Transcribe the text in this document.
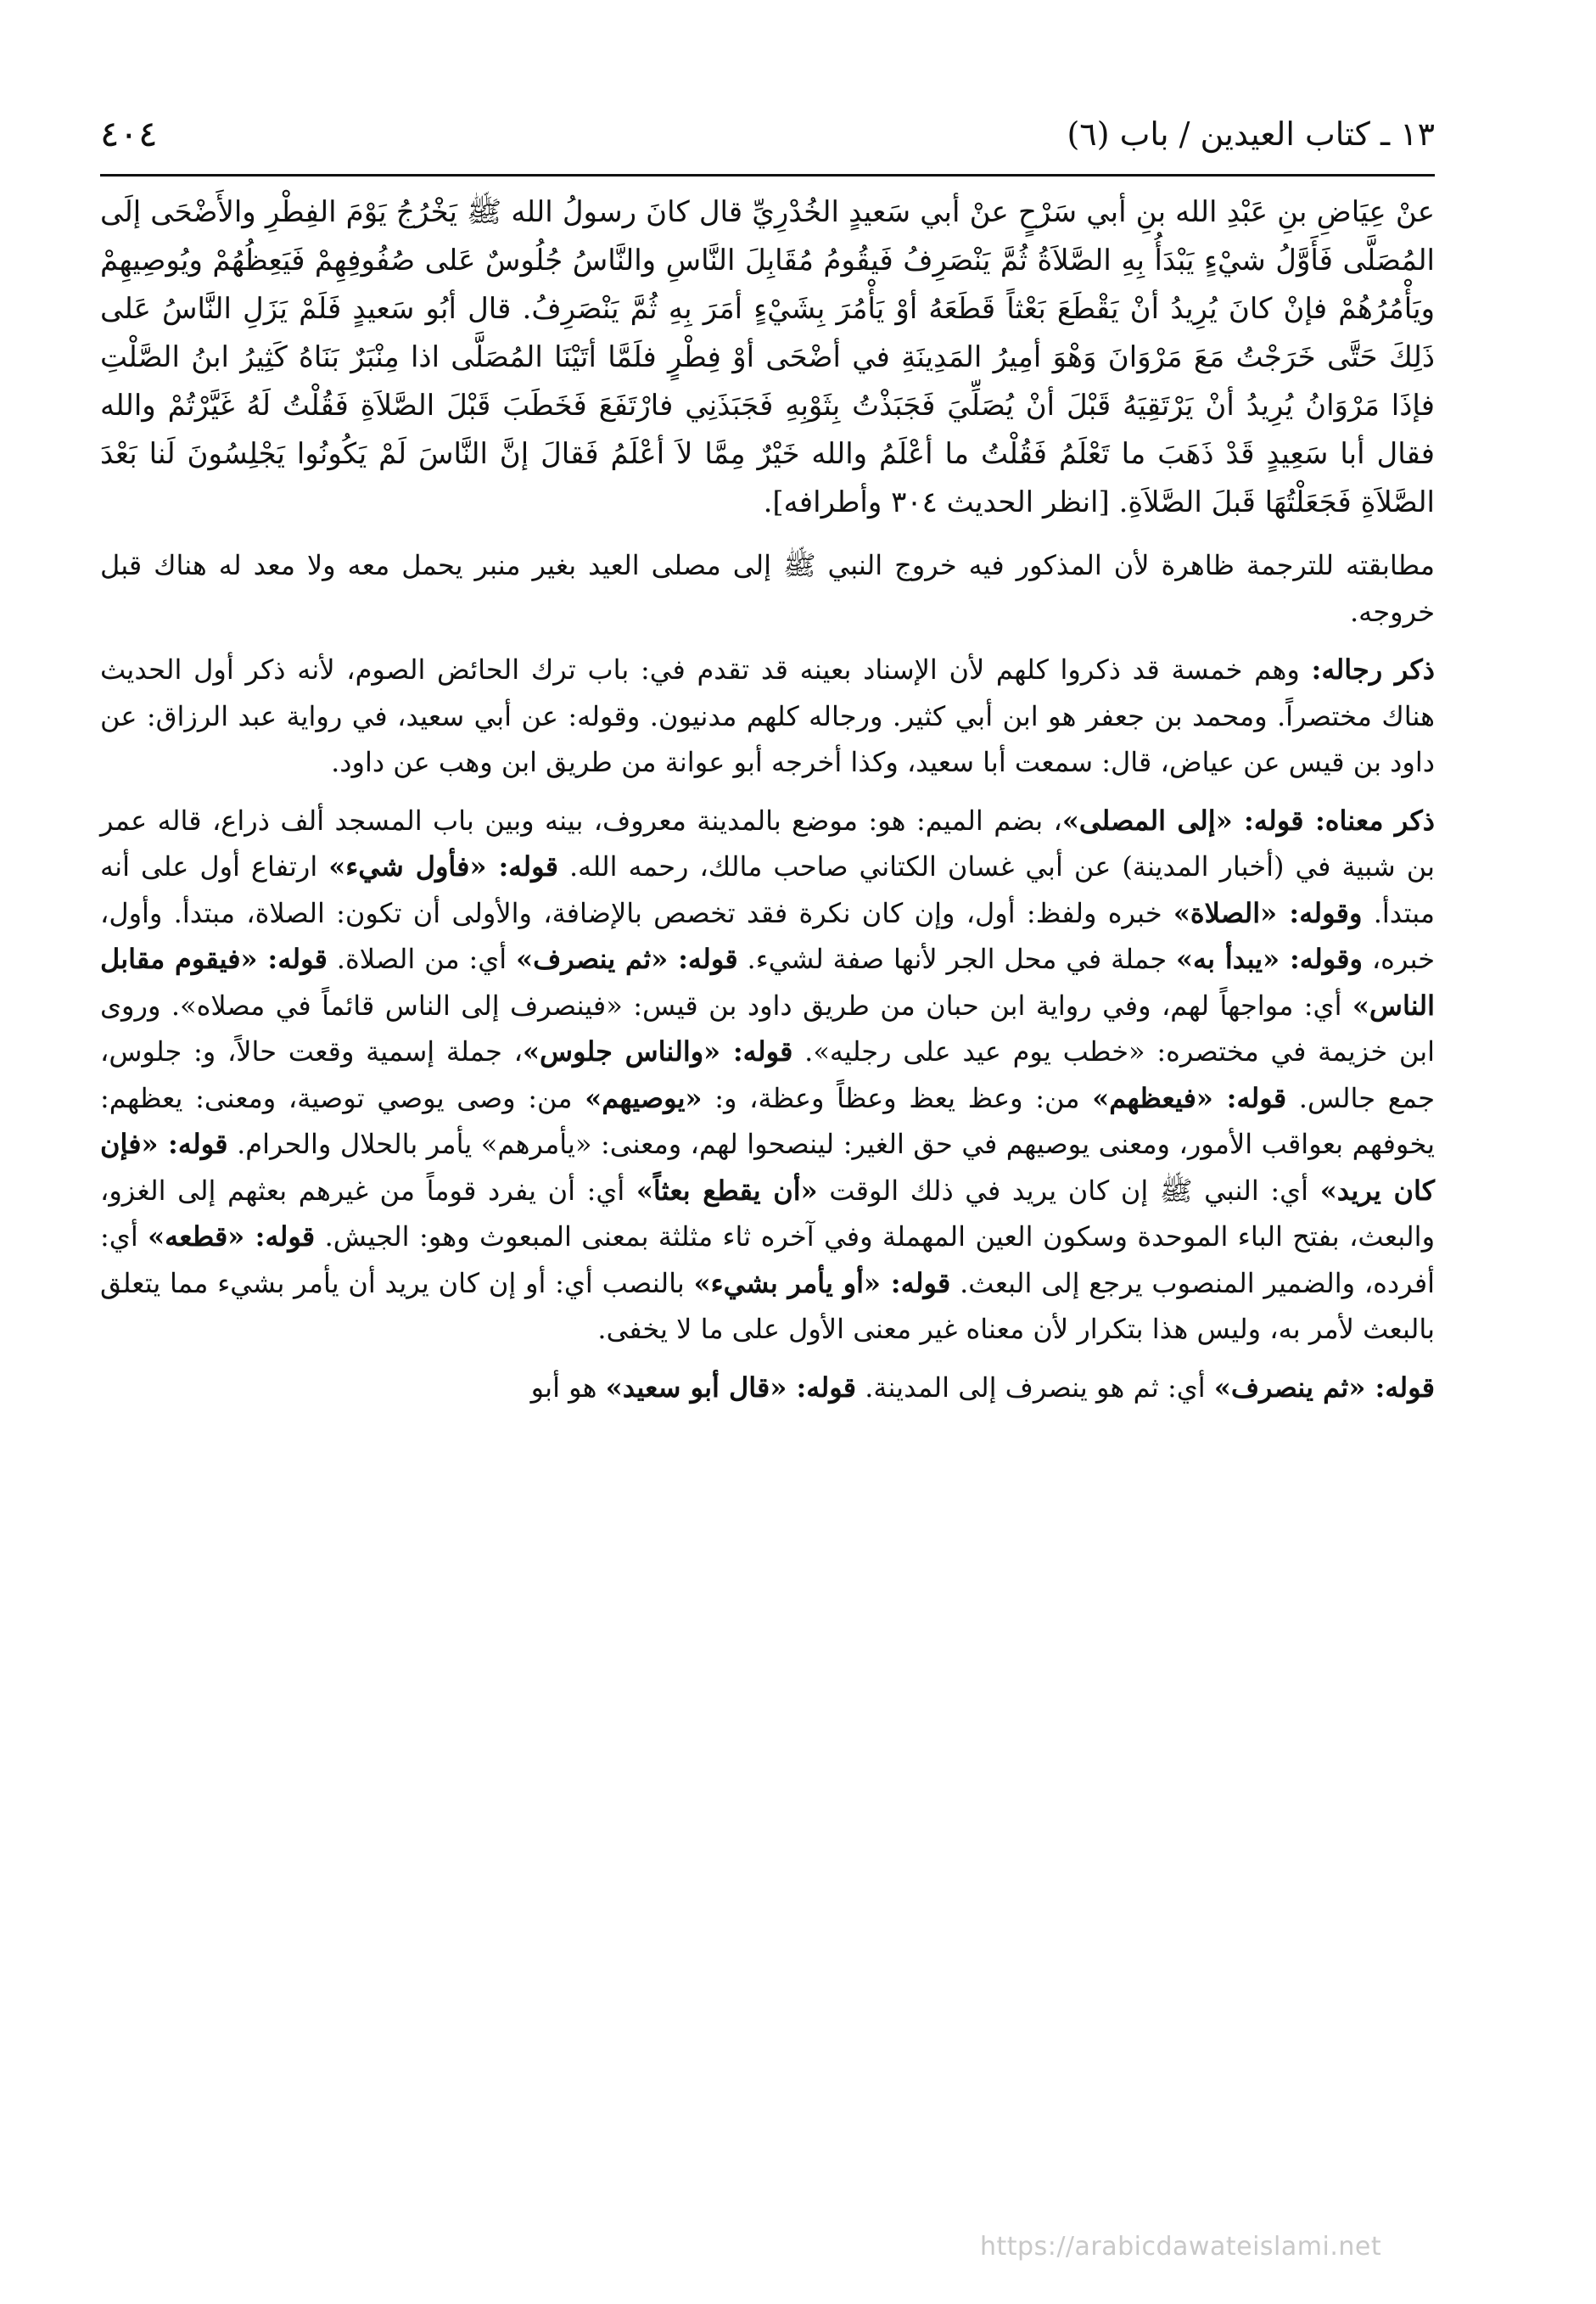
١٣ ـ كتاب العيدين / باب (٦)
٤٠٤

عنْ عِيَاضِ بنِ عَبْدِ الله بنِ أبي سَرْحٍ عنْ أبي سَعيدٍ الخُدْرِيِّ قال كانَ رسولُ الله ﷺ يَخْرُجُ يَوْمَ الفِطْرِ والأَضْحَى إلَى المُصَلَّى فَأَوَّلُ شيْءٍ يَبْدَأُ بِهِ الصَّلاَةُ ثُمَّ يَنْصَرِفُ فَيقُومُ مُقَابِلَ النَّاسِ والنَّاسُ جُلُوسٌ عَلى صُفُوفِهِمْ فَيَعِظُهُمْ ويُوصِيهِمْ ويَأْمُرُهُمْ فإنْ كانَ يُرِيدُ أنْ يَقْطَعَ بَعْثاً قَطَعَهُ أوْ يَأْمُرَ بِشَيْءٍ أمَرَ بِهِ ثُمَّ يَنْصَرِفُ. قال أبُو سَعيدٍ فَلَمْ يَزَلِ النَّاسُ عَلى ذَلِكَ حَتَّى خَرَجْتُ مَعَ مَرْوَانَ وَهْوَ أمِيرُ المَدِينَةِ في أضْحَى أوْ فِطْرٍ فلَمَّا أتَيْنَا المُصَلَّى اذا مِنْبَرٌ بَنَاهُ كَثِيرُ ابنُ الصَّلْتِ فإذَا مَرْوَانُ يُرِيدُ أنْ يَرْتَقِيَهُ قَبْلَ أنْ يُصَلِّيَ فَجَبَذْتُ بِثَوْبِهِ فَجَبَذَنِي فارْتَفَعَ فَخَطَبَ قَبْلَ الصَّلاَةِ فَقُلْتُ لَهُ غَيَّرْتُمْ والله فقال أبا سَعِيدٍ قَدْ ذَهَبَ ما تَعْلَمُ فَقُلْتُ ما أعْلَمُ والله خَيْرٌ مِمَّا لاَ أعْلَمُ فَقالَ إنَّ النَّاسَ لَمْ يَكُونُوا يَجْلِسُونَ لَنا بَعْدَ الصَّلاَةِ فَجَعَلْتُهَا قَبلَ الصَّلاَةِ. [انظر الحديث ٣٠٤ وأطرافه].

مطابقته للترجمة ظاهرة لأن المذكور فيه خروج النبي ﷺ إلى مصلى العيد بغير منبر يحمل معه ولا معد له هناك قبل خروجه.

ذكر رجاله: وهم خمسة قد ذكروا كلهم لأن الإسناد بعينه قد تقدم في: باب ترك الحائض الصوم، لأنه ذكر أول الحديث هناك مختصراً. ومحمد بن جعفر هو ابن أبي كثير. ورجاله كلهم مدنيون. وقوله: عن أبي سعيد، في رواية عبد الرزاق: عن داود بن قيس عن عياض، قال: سمعت أبا سعيد، وكذا أخرجه أبو عوانة من طريق ابن وهب عن داود.

ذكر معناه: قوله: «إلى المصلى»، بضم الميم: هو: موضع بالمدينة معروف، بينه وبين باب المسجد ألف ذراع، قاله عمر بن شبية في (أخبار المدينة) عن أبي غسان الكتاني صاحب مالك، رحمه الله. قوله: «فأول شيء» ارتفاع أول على أنه مبتدأ. وقوله: «الصلاة» خبره ولفظ: أول، وإن كان نكرة فقد تخصص بالإضافة، والأولى أن تكون: الصلاة، مبتدأ. وأول، خبره، وقوله: «يبدأ به» جملة في محل الجر لأنها صفة لشيء. قوله: «ثم ينصرف» أي: من الصلاة. قوله: «فيقوم مقابل الناس» أي: مواجهاً لهم، وفي رواية ابن حبان من طريق داود بن قيس: «فينصرف إلى الناس قائماً في مصلاه». وروى ابن خزيمة في مختصره: «خطب يوم عيد على رجليه». قوله: «والناس جلوس»، جملة إسمية وقعت حالاً، و: جلوس، جمع جالس. قوله: «فيعظهم» من: وعظ يعظ وعظاً وعظة، و: «يوصيهم» من: وصى يوصي توصية، ومعنى: يعظهم: يخوفهم بعواقب الأمور، ومعنى يوصيهم في حق الغير: لينصحوا لهم، ومعنى: «يأمرهم» يأمر بالحلال والحرام. قوله: «فإن كان يريد» أي: النبي ﷺ إن كان يريد في ذلك الوقت «أن يقطع بعثاً» أي: أن يفرد قوماً من غيرهم بعثهم إلى الغزو، والبعث، بفتح الباء الموحدة وسكون العين المهملة وفي آخره ثاء مثلثة بمعنى المبعوث وهو: الجيش. قوله: «قطعه» أي: أفرده، والضمير المنصوب يرجع إلى البعث. قوله: «أو يأمر بشيء» بالنصب أي: أو إن كان يريد أن يأمر بشيء مما يتعلق بالبعث لأمر به، وليس هذا بتكرار لأن معناه غير معنى الأول على ما لا يخفى.

قوله: «ثم ينصرف» أي: ثم هو ينصرف إلى المدينة. قوله: «قال أبو سعيد» هو أبو

https://arabicdawateislami.net
